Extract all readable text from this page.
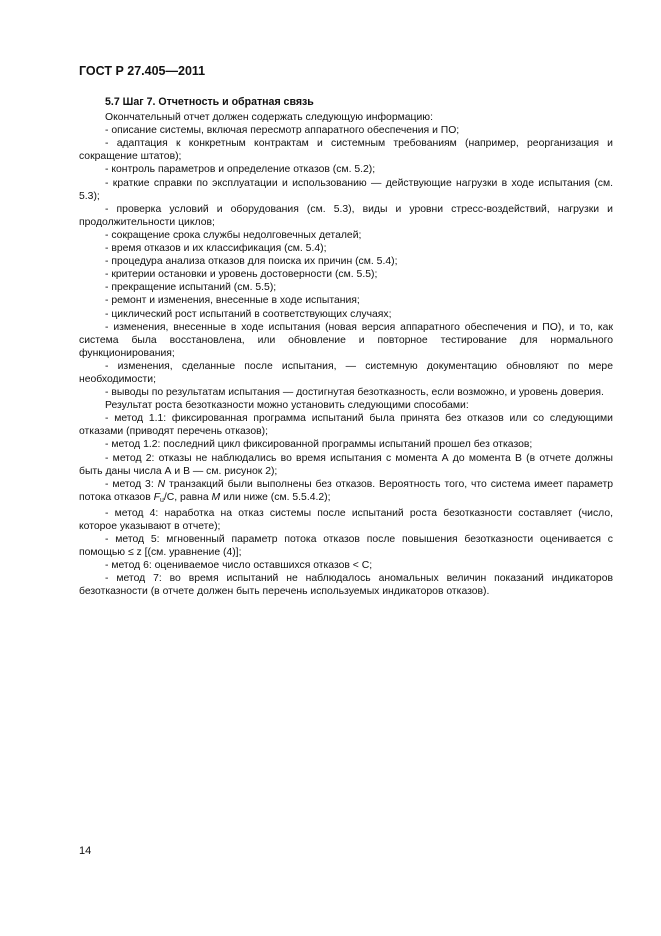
ГОСТ Р 27.405—2011
5.7 Шаг 7. Отчетность и обратная связь

Окончательный отчет должен содержать следующую информацию:

- описание системы, включая пересмотр аппаратного обеспечения и ПО;

- адаптация к конкретным контрактам и системным требованиям (например, реорганизация и сокращение штатов);

- контроль параметров и определение отказов (см. 5.2);

- краткие справки по эксплуатации и использованию — действующие нагрузки в ходе испытания (см. 5.3);

- проверка условий и оборудования (см. 5.3), виды и уровни стресс-воздействий, нагрузки и продолжительности циклов;

- сокращение срока службы недолговечных деталей;

- время отказов и их классификация (см. 5.4);

- процедура анализа отказов для поиска их причин (см. 5.4);

- критерии остановки и уровень достоверности (см. 5.5);

- прекращение испытаний (см. 5.5);

- ремонт и изменения, внесенные в ходе испытания;

- циклический рост испытаний в соответствующих случаях;

- изменения, внесенные в ходе испытания (новая версия аппаратного обеспечения и ПО), и то, как система была восстановлена, или обновление и повторное тестирование для нормального функционирования;

- изменения, сделанные после испытания, — системную документацию обновляют по мере необходимости;

- выводы по результатам испытания — достигнутая безотказность, если возможно, и уровень доверия.

Результат роста безотказности можно установить следующими способами:

- метод 1.1: фиксированная программа испытаний была принята без отказов или со следующими отказами (приводят перечень отказов);

- метод 1.2: последний цикл фиксированной программы испытаний прошел без отказов;

- метод 2: отказы не наблюдались во время испытания с момента А до момента В (в отчете должны быть даны числа А и В — см. рисунок 2);

- метод 3: N транзакций были выполнены без отказов. Вероятность того, что система имеет параметр потока отказов $F_u/C$, равна M или ниже (см. 5.5.4.2);

- метод 4: наработка на отказ системы после испытаний роста безотказности составляет (число, которое указывают в отчете);

- метод 5: мгновенный параметр потока отказов после повышения безотказности оценивается с помощью ≤ z [(см. уравнение (4)];

- метод 6: оцениваемое число оставшихся отказов < С;

- метод 7: во время испытаний не наблюдалось аномальных величин показаний индикаторов безотказности (в отчете должен быть перечень используемых индикаторов отказов).

14
